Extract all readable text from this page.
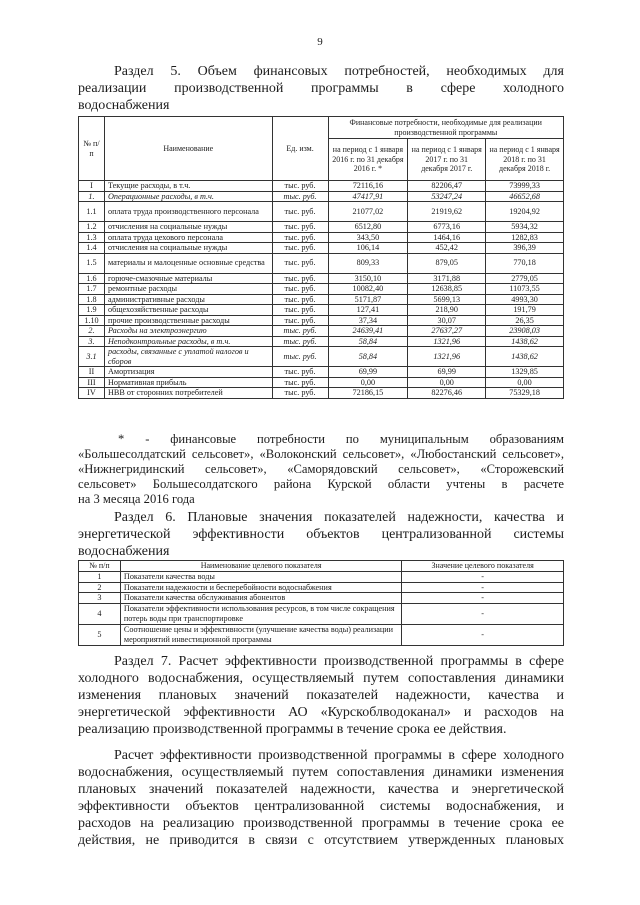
9
Раздел 5. Объем финансовых потребностей, необходимых для
реализации производственной программы в сфере холодного
водоснабжения
№ п/п	Наименование	Ед. изм.	Финансовые потребности, необходимые для реализации производственной программы		
			на период с 1 января 2016 г. по 31 декабря 2016 г. *	на период с 1 января 2017 г. по 31 декабря 2017 г.	на период с 1 января 2018 г. по 31 декабря 2018 г.
I	Текущие расходы, в т.ч.	тыс. руб.	72116,16	82206,47	73999,33
1.	Операционные расходы, в т.ч.	тыс. руб.	47417,91	53247,24	46652,68
1.1	оплата труда производственного персонала	тыс. руб.	21077,02	21919,62	19204,92
1.2	отчисления на социальные нужды	тыс. руб.	6512,80	6773,16	5934,32
1.3	оплата труда цехового персонала	тыс. руб.	343,50	1464,16	1282,83
1.4	отчисления на социальные нужды	тыс. руб.	106,14	452,42	396,39
1.5	материалы и малоценные основные средства	тыс. руб.	809,33	879,05	770,18
1.6	горюче-смазочные материалы	тыс. руб.	3150,10	3171,88	2779,05
1.7	ремонтные расходы	тыс. руб.	10082,40	12638,85	11073,55
1.8	административные расходы	тыс. руб.	5171,87	5699,13	4993,30
1.9	общехозяйственные расходы	тыс. руб.	127,41	218,90	191,79
1.10	прочие производственные расходы	тыс. руб.	37,34	30,07	26,35
2.	Расходы на электроэнергию	тыс. руб.	24639,41	27637,27	23908,03
3.	Неподконтрольные расходы, в т.ч.	тыс. руб.	58,84	1321,96	1438,62
3.1	расходы, связанные с уплатой налогов и сборов	тыс. руб.	58,84	1321,96	1438,62
II	Амортизация	тыс. руб.	69,99	69,99	1329,85
III	Нормативная прибыль	тыс. руб.	0,00	0,00	0,00
IV	НВВ от сторонних потребителей	тыс. руб.	72186,15	82276,46	75329,18
* - финансовые потребности по муниципальным образованиям
«Большесолдатский сельсовет», «Волоконский сельсовет», «Любостанский сельсовет»,
«Нижнегридинский сельсовет», «Самоpядовский сельсовет», «Сторожевский
сельсовет» Большесолдатского района Курской области учтены в расчете
на 3 месяца 2016 года
Раздел 6. Плановые значения показателей надежности, качества и
энергетической эффективности объектов централизованной системы
водоснабжения
№ п/п	Наименование целевого показателя	Значение целевого показателя
1	Показатели качества воды	-
2	Показатели надежности и бесперебойности водоснабжения	-
3	Показатели качества обслуживания абонентов	-
4	Показатели эффективности использования ресурсов, в том числе сокращения потерь воды при транспортировке	-
5	Соотношение цены и эффективности (улучшение качества воды) реализации мероприятий инвестиционной программы	-
Раздел 7. Расчет эффективности производственной программы в сфере
холодного водоснабжения, осуществляемый путем сопоставления динамики
изменения плановых значений показателей надежности, качества и
энергетической эффективности АО «Курскоблводоканал» и расходов на
реализацию производственной программы в течение срока ее действия.
Расчет эффективности производственной программы в сфере холодного
водоснабжения, осуществляемый путем сопоставления динамики изменения
плановых значений показателей надежности, качества и энергетической
эффективности объектов централизованной системы водоснабжения, и
расходов на реализацию производственной программы в течение срока ее
действия, не приводится в связи с отсутствием утвержденных плановых
